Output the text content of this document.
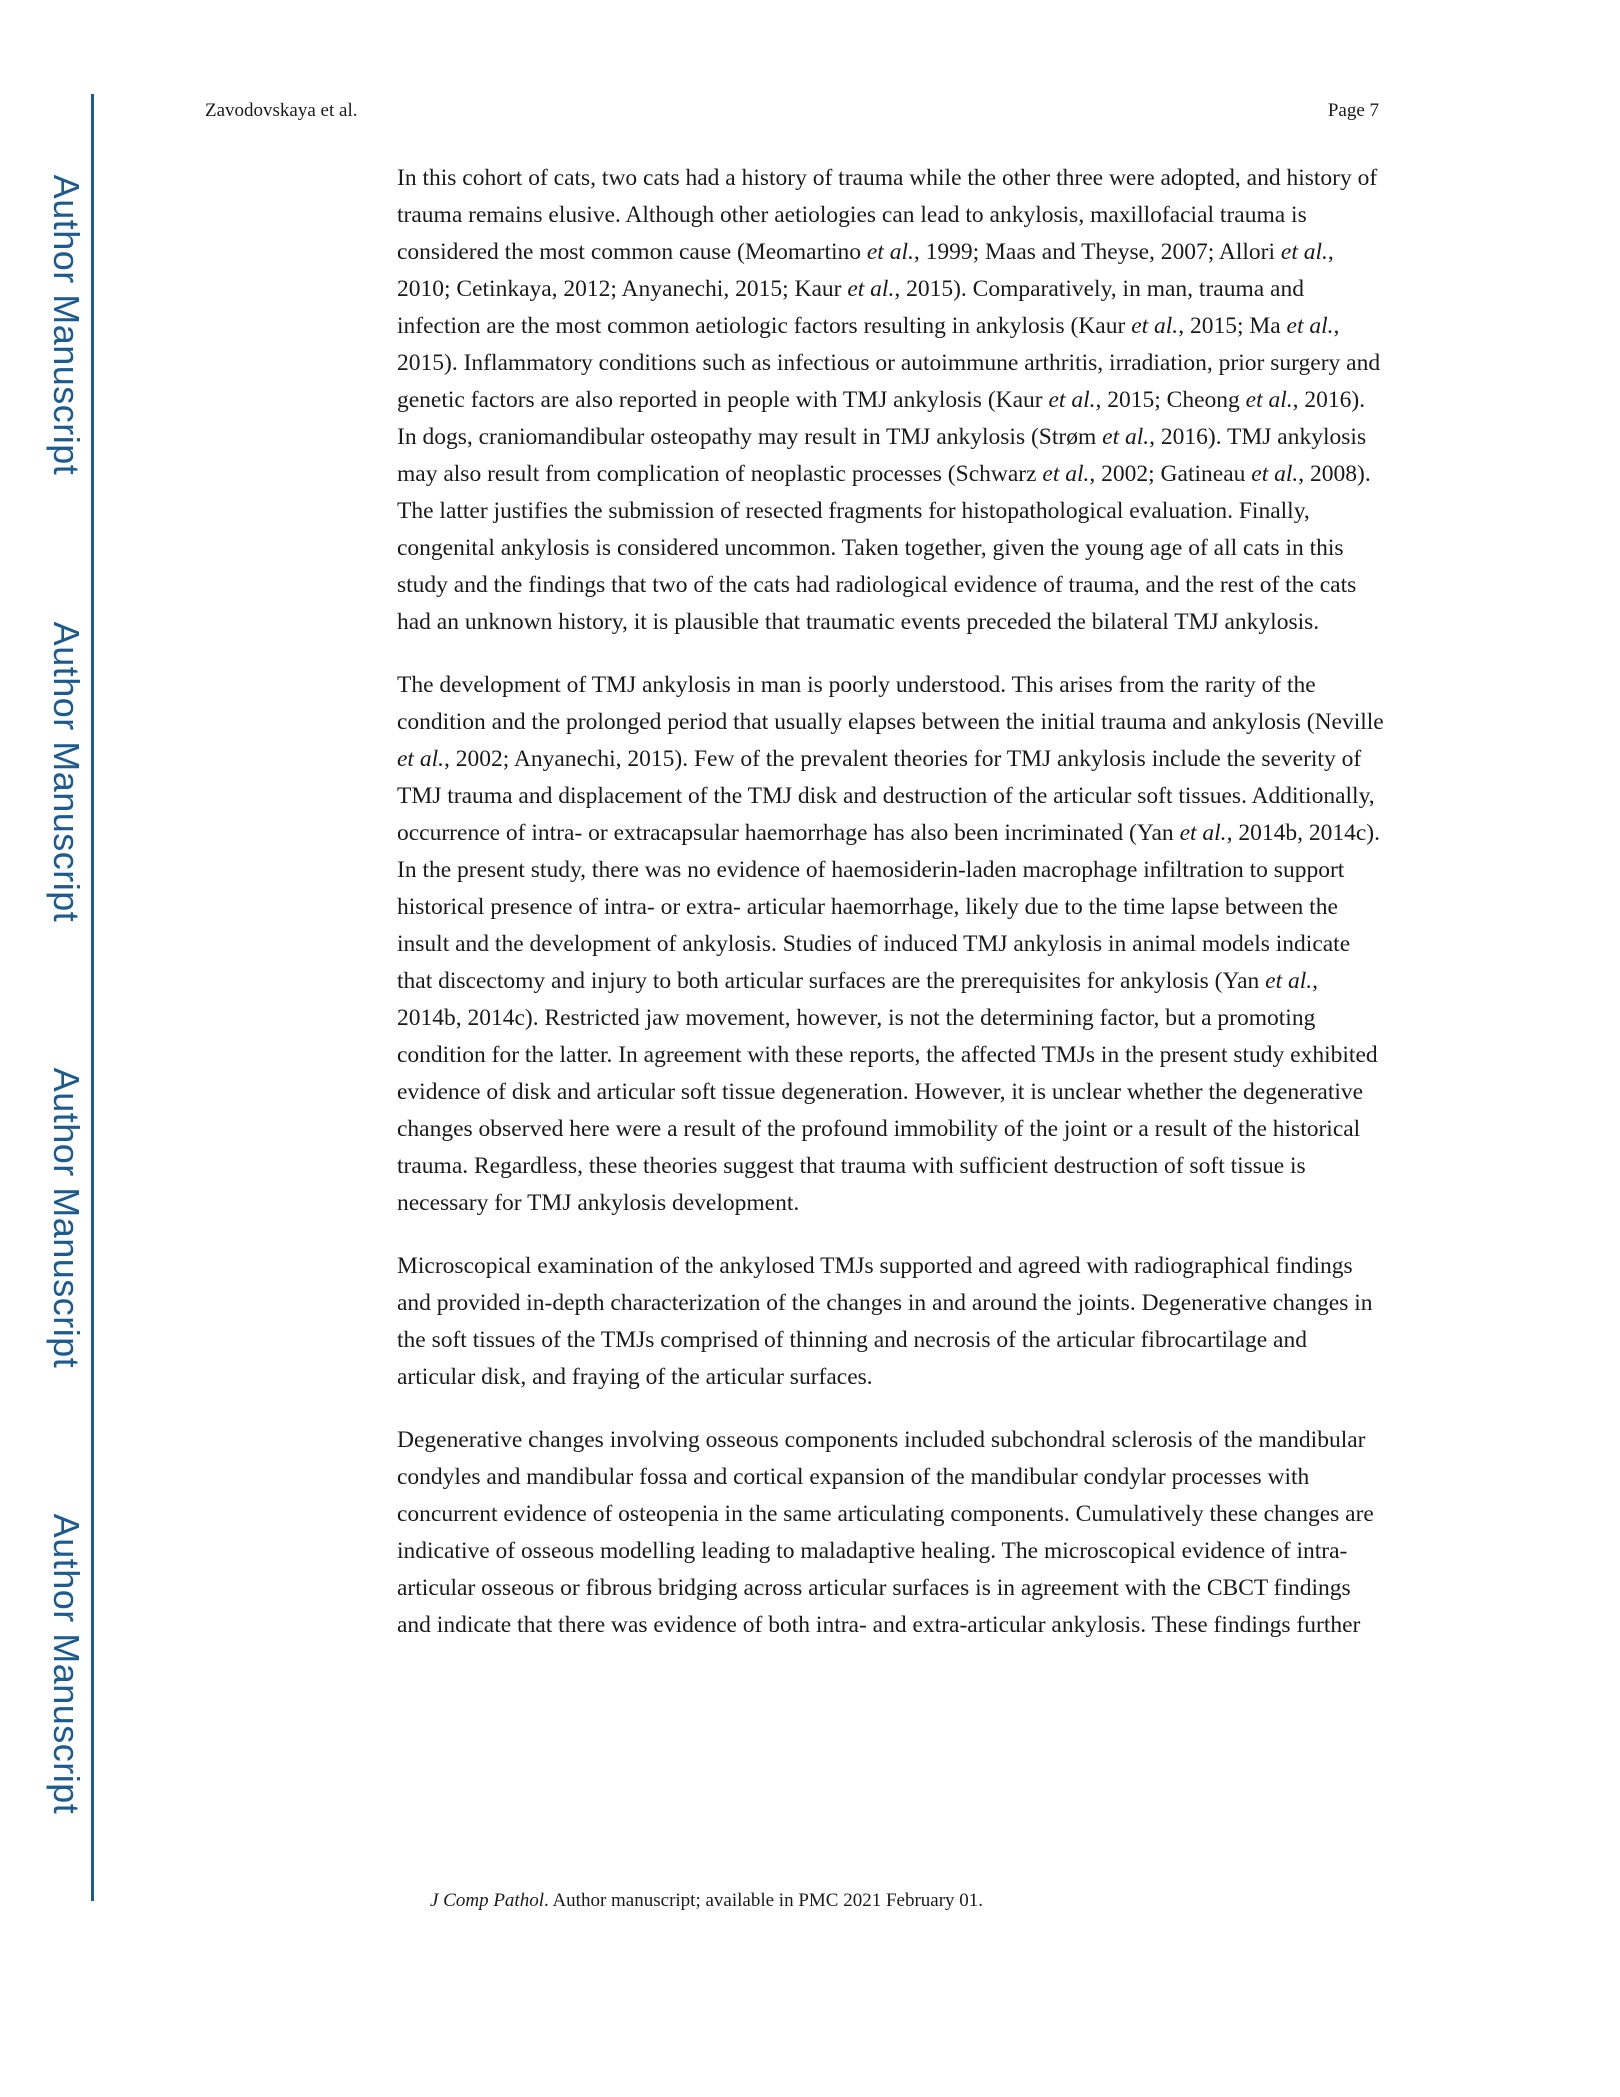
Author Manuscript
Author Manuscript
Author Manuscript
Author Manuscript
Zavodovskaya et al.	Page 7

In this cohort of cats, two cats had a history of trauma while the other three were adopted, and history of trauma remains elusive. Although other aetiologies can lead to ankylosis, maxillofacial trauma is considered the most common cause (Meomartino et al., 1999; Maas and Theyse, 2007; Allori et al., 2010; Cetinkaya, 2012; Anyanechi, 2015; Kaur et al., 2015). Comparatively, in man, trauma and infection are the most common aetiologic factors resulting in ankylosis (Kaur et al., 2015; Ma et al., 2015). Inflammatory conditions such as infectious or autoimmune arthritis, irradiation, prior surgery and genetic factors are also reported in people with TMJ ankylosis (Kaur et al., 2015; Cheong et al., 2016). In dogs, craniomandibular osteopathy may result in TMJ ankylosis (Strøm et al., 2016). TMJ ankylosis may also result from complication of neoplastic processes (Schwarz et al., 2002; Gatineau et al., 2008). The latter justifies the submission of resected fragments for histopathological evaluation. Finally, congenital ankylosis is considered uncommon. Taken together, given the young age of all cats in this study and the findings that two of the cats had radiological evidence of trauma, and the rest of the cats had an unknown history, it is plausible that traumatic events preceded the bilateral TMJ ankylosis.

The development of TMJ ankylosis in man is poorly understood. This arises from the rarity of the condition and the prolonged period that usually elapses between the initial trauma and ankylosis (Neville et al., 2002; Anyanechi, 2015). Few of the prevalent theories for TMJ ankylosis include the severity of TMJ trauma and displacement of the TMJ disk and destruction of the articular soft tissues. Additionally, occurrence of intra- or extracapsular haemorrhage has also been incriminated (Yan et al., 2014b, 2014c). In the present study, there was no evidence of haemosiderin-laden macrophage infiltration to support historical presence of intra- or extra- articular haemorrhage, likely due to the time lapse between the insult and the development of ankylosis. Studies of induced TMJ ankylosis in animal models indicate that discectomy and injury to both articular surfaces are the prerequisites for ankylosis (Yan et al., 2014b, 2014c). Restricted jaw movement, however, is not the determining factor, but a promoting condition for the latter. In agreement with these reports, the affected TMJs in the present study exhibited evidence of disk and articular soft tissue degeneration. However, it is unclear whether the degenerative changes observed here were a result of the profound immobility of the joint or a result of the historical trauma. Regardless, these theories suggest that trauma with sufficient destruction of soft tissue is necessary for TMJ ankylosis development.

Microscopical examination of the ankylosed TMJs supported and agreed with radiographical findings and provided in-depth characterization of the changes in and around the joints. Degenerative changes in the soft tissues of the TMJs comprised of thinning and necrosis of the articular fibrocartilage and articular disk, and fraying of the articular surfaces.

Degenerative changes involving osseous components included subchondral sclerosis of the mandibular condyles and mandibular fossa and cortical expansion of the mandibular condylar processes with concurrent evidence of osteopenia in the same articulating components. Cumulatively these changes are indicative of osseous modelling leading to maladaptive healing. The microscopical evidence of intra-articular osseous or fibrous bridging across articular surfaces is in agreement with the CBCT findings and indicate that there was evidence of both intra- and extra-articular ankylosis. These findings further

J Comp Pathol. Author manuscript; available in PMC 2021 February 01.
